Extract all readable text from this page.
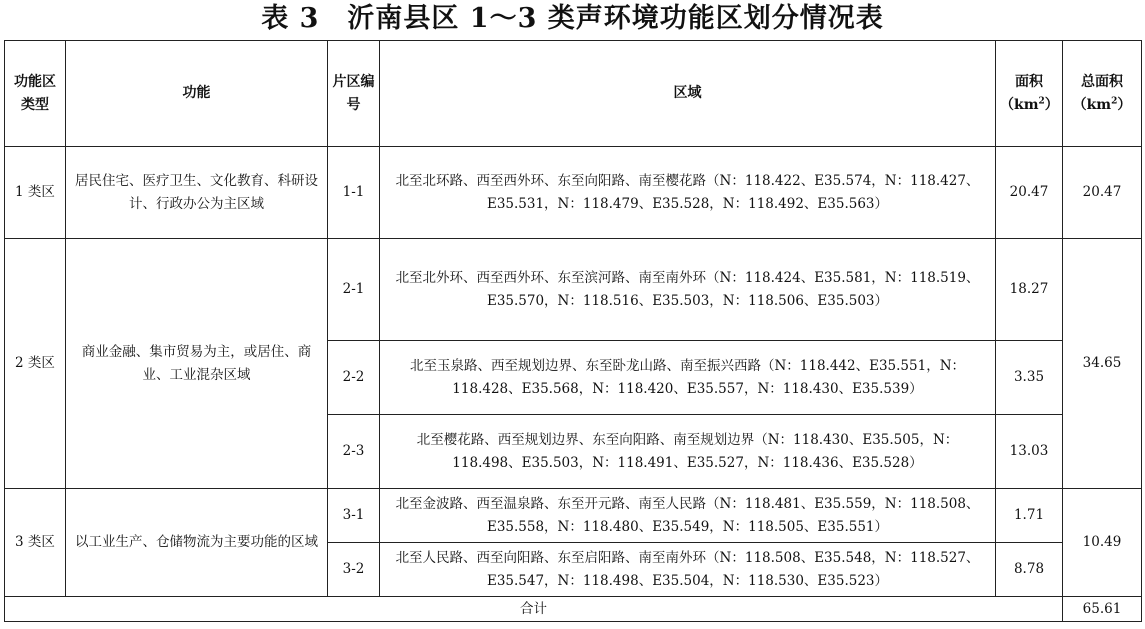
表 3　沂南县区 1～3 类声环境功能区划分情况表
功能区类型	功能	片区编号	区域	面积$(km^2)$	总面积$(km^2)$
1 类区	居民住宅、医疗卫生、文化教育、科研设计、行政办公为主区域	1-1	北至北环路、西至西外环、东至向阳路、南至樱花路（N：118.422、E35.574，N：118.427、E35.531，N：118.479、E35.528，N：118.492、E35.563）	20.47	20.47
2 类区	商业金融、集市贸易为主，或居住、商业、工业混杂区域	2-1	北至北外环、西至西外环、东至滨河路、南至南外环（N：118.424、E35.581，N：118.519、E35.570，N：118.516、E35.503，N：118.506、E35.503）	18.27	34.65
		2-2	北至玉泉路、西至规划边界、东至卧龙山路、南至振兴西路（N：118.442、E35.551，N：118.428、E35.568，N：118.420、E35.557，N：118.430、E35.539）	3.35	
		2-3	北至樱花路、西至规划边界、东至向阳路、南至规划边界（N：118.430、E35.505，N：118.498、E35.503，N：118.491、E35.527，N：118.436、E35.528）	13.03	
3 类区	以工业生产、仓储物流为主要功能的区域	3-1	北至金波路、西至温泉路、东至开元路、南至人民路（N：118.481、E35.559，N：118.508、E35.558，N：118.480、E35.549，N：118.505、E35.551）	1.71	10.49
		3-2	北至人民路、西至向阳路、东至启阳路、南至南外环（N：118.508、E35.548，N：118.527、E35.547，N：118.498、E35.504，N：118.530、E35.523）	8.78	
合计					65.61
